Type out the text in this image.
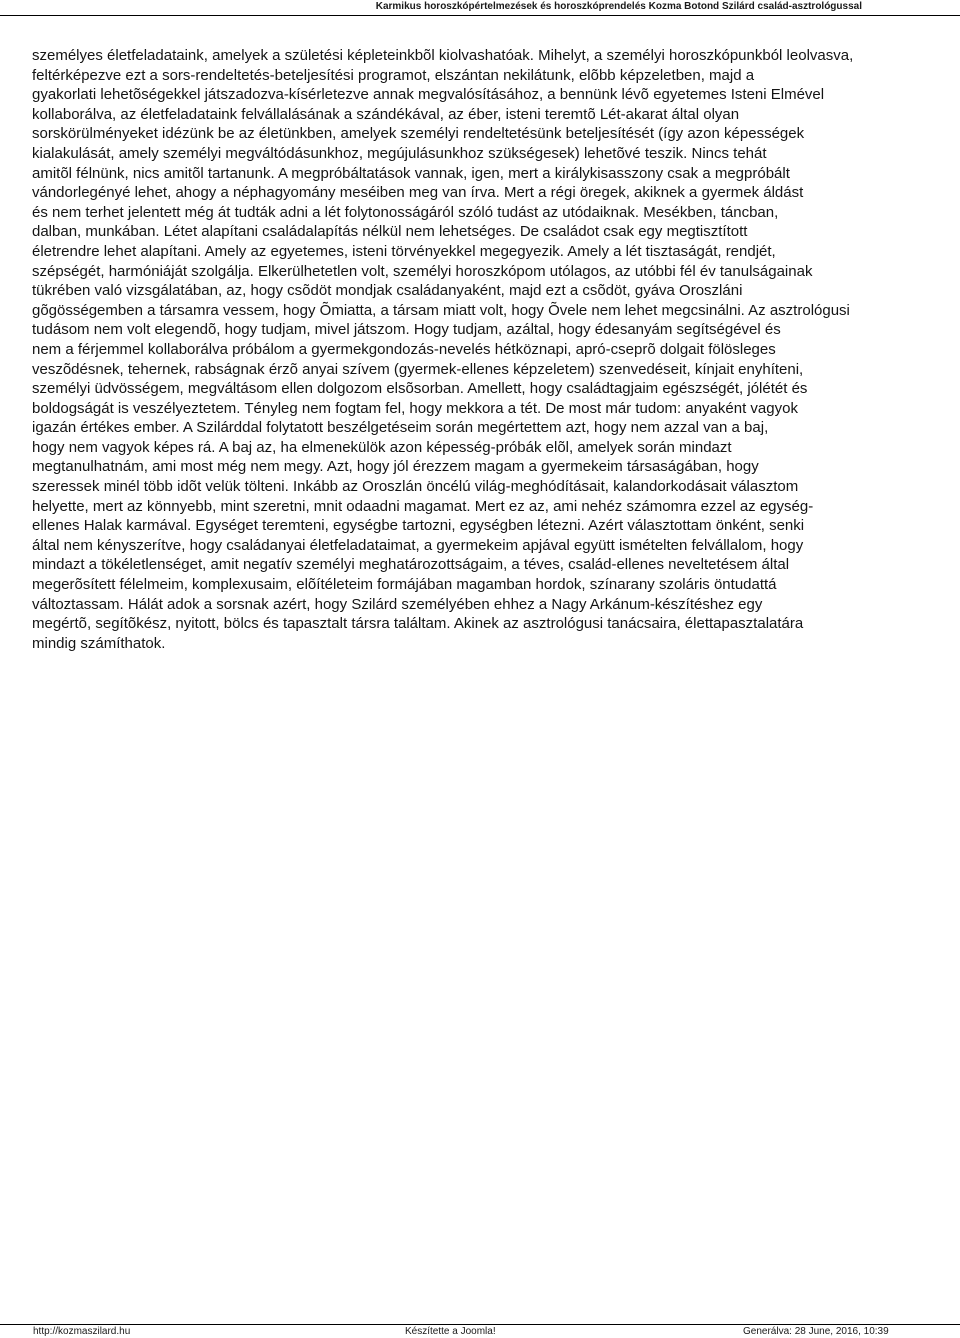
Karmikus horoszkópértelmezések és horoszkóprendelés Kozma Botond Szilárd család-asztrológussal
személyes életfeladataink, amelyek a születési képleteinkbõl kiolvashatóak. Mihelyt, a személyi horoszkópunkból leolvasva,
feltérképezve ezt a sors-rendeltetés-beteljesítési programot, elszántan nekilátunk, elõbb képzeletben, majd a
gyakorlati lehetõségekkel játszadozva-kísérletezve annak megvalósításához, a bennünk lévõ egyetemes Isteni Elmével
kollaborálva, az életfeladataink felvállalásának a szándékával, az éber, isteni teremtõ Lét-akarat által olyan
sorskörülményeket idézünk be az életünkben, amelyek személyi rendeltetésünk beteljesítését (így azon képességek
kialakulását, amely személyi megváltódásunkhoz, megújulásunkhoz szükségesek) lehetõvé teszik. Nincs tehát
amitõl félnünk, nics amitõl tartanunk. A megpróbáltatások vannak, igen, mert a királykisasszony csak a megpróbált
vándorlegényé lehet, ahogy a néphagyomány meséiben meg van írva. Mert a régi öregek, akiknek a gyermek áldást
és nem terhet jelentett még át tudták adni a lét folytonosságáról szóló tudást az utódaiknak. Mesékben, táncban,
dalban, munkában. Létet alapítani családalapítás nélkül nem lehetséges. De családot csak egy megtisztított
életrendre lehet alapítani. Amely az egyetemes, isteni törvényekkel megegyezik. Amely a lét tisztaságát, rendjét,
szépségét, harmóniáját szolgálja. Elkerülhetetlen volt, személyi horoszkópom utólagos, az utóbbi fél év tanulságainak
tükrében való vizsgálatában, az, hogy csõdöt mondjak családanyaként, majd ezt a csõdöt, gyáva Oroszláni
gõgösségemben a társamra vessem, hogy Õmiatta, a társam miatt volt, hogy Õvele nem lehet megcsinálni. Az asztrológusi
tudásom nem volt elegendõ, hogy tudjam, mivel játszom. Hogy tudjam, azáltal, hogy édesanyám segítségével és
nem a férjemmel kollaborálva próbálom a gyermekgondozás-nevelés hétköznapi, apró-cseprõ dolgait fölösleges
veszõdésnek, tehernek, rabságnak érzõ anyai szívem (gyermek-ellenes képzeletem) szenvedéseit, kínjait enyhíteni,
személyi üdvösségem, megváltásom ellen dolgozom elsõsorban. Amellett, hogy családtagjaim egészségét, jólétét és
boldogságát is veszélyeztetem. Tényleg nem fogtam fel, hogy mekkora a tét. De most már tudom: anyaként vagyok
igazán értékes ember. A Szilárddal folytatott beszélgetéseim során megértettem azt, hogy nem azzal van a baj,
hogy nem vagyok képes rá. A baj az, ha elmenekülök azon képesség-próbák elõl, amelyek során mindazt
megtanulhatnám, ami most még nem megy. Azt, hogy jól érezzem magam a gyermekeim társaságában, hogy
szeressek minél több idõt velük tölteni. Inkább az Oroszlán öncélú világ-meghódításait, kalandorkodásait választom
helyette, mert az könnyebb, mint szeretni, mnit odaadni magamat. Mert ez az, ami nehéz számomra ezzel az egység-
ellenes Halak karmával. Egységet teremteni, egységbe tartozni, egységben létezni. Azért választottam önként, senki
által nem kényszerítve, hogy családanyai életfeladataimat, a gyermekeim apjával együtt ismételten felvállalom, hogy
mindazt a tökéletlenséget, amit negatív személyi meghatározottságaim, a téves, család-ellenes neveltetésem által
megerõsített félelmeim, komplexusaim, elõítéleteim formájában magamban hordok, színarany szoláris öntudattá
változtassam. Hálát adok a sorsnak azért, hogy Szilárd személyében ehhez a Nagy Arkánum-készítéshez egy
megértõ, segítõkész, nyitott, bölcs és tapasztalt társra találtam. Akinek az asztrológusi tanácsaira, élettapasztalatára
mindig számíthatok.
http://kozmaszilard.hu	Készítette a Joomla!	Generálva: 28 June, 2016, 10:39
